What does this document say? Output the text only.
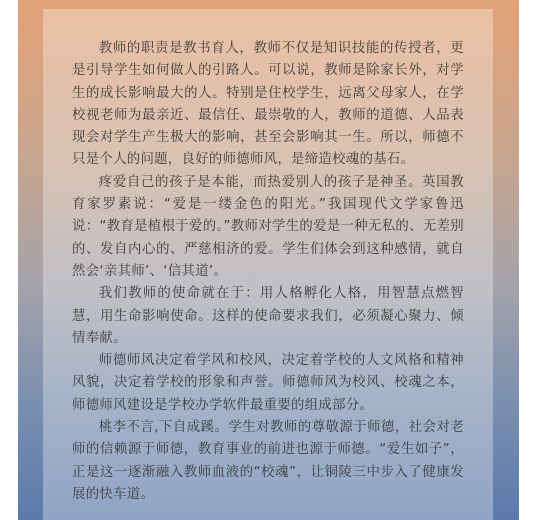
教师的职责是教书育人，教师不仅是知识技能的传授者，更是引导学生如何做人的引路人。可以说，教师是除家长外，对学生的成长影响最大的人。特别是住校学生，远离父母家人，在学校视老师为最亲近、最信任、最崇敬的人，教师的道德、人品表现会对学生产生极大的影响，甚至会影响其一生。所以，师德不只是个人的问题，良好的师德师风，是缔造校魂的基石。

疼爱自己的孩子是本能，而热爱别人的孩子是神圣。英国教育家罗素说：“爱是一缕金色的阳光。”我国现代文学家鲁迅说：“教育是植根于爱的。”教师对学生的爱是一种无私的、无差别的、发自内心的、严慈相济的爱。学生们体会到这种感情，就自然会‘亲其师’、‘信其道’。

我们教师的使命就在于：用人格孵化人格，用智慧点燃智慧，用生命影响使命。这样的使命要求我们，必须凝心聚力、倾情奉献。

师德师风决定着学风和校风，决定着学校的人文风格和精神风貌，决定着学校的形象和声誉。师德师风为校风、校魂之本，师德师风建设是学校办学软件最重要的组成部分。

桃李不言,下自成蹊。学生对教师的尊敬源于师德，社会对老师的信赖源于师德，教育事业的前进也源于师德。“爱生如子”，正是这一逐渐融入教师血液的“校魂”，让铜陵三中步入了健康发展的快车道。
